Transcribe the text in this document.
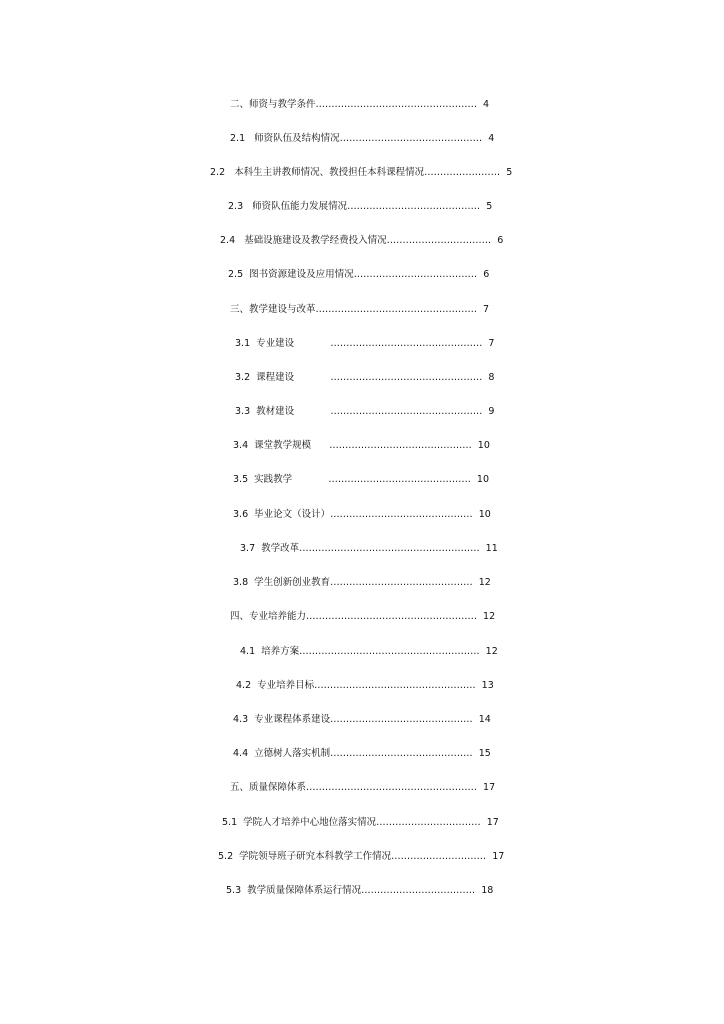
二、师资与教学条件……………………………………………  4
2.1   师资队伍及结构情况………………………………………  4
2.2   本科生主讲教师情况、教授担任本科课程情况……………………  5
2.3   师资队伍能力发展情况……………………………………  5
2.4   基础设施建设及教学经费投入情况……………………………  6
2.5  图书资源建设及应用情况…………………………………  6
三、教学建设与改革……………………………………………  7
3.1  专业建设            …………………………………………  7
3.2  课程建设            …………………………………………  8
3.3  教材建设            …………………………………………  9
3.4  课堂教学规模      ………………………………………  10
3.5  实践教学            ………………………………………  10
3.6  毕业论文（设计）………………………………………  10
3.7  教学改革…………………………………………………  11
3.8  学生创新创业教育………………………………………  12
四、专业培养能力………………………………………………  12
4.1  培养方案…………………………………………………  12
4.2  专业培养目标……………………………………………  13
4.3  专业课程体系建设………………………………………  14
4.4  立德树人落实机制………………………………………  15
五、质量保障体系………………………………………………  17
5.1  学院人才培养中心地位落实情况……………………………  17
5.2  学院领导班子研究本科教学工作情况…………………………  17
5.3  教学质量保障体系运行情况………………………………  18
